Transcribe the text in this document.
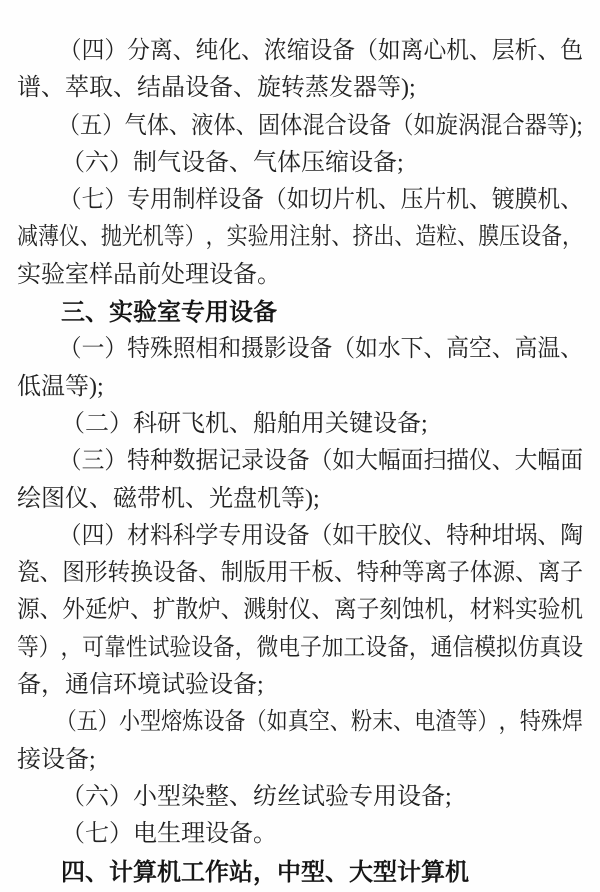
（ 四 ） 分 离 、 纯 化 、 浓 缩 设 备 （ 如 离 心 机 、 层 析 、 色
谱、萃取、结晶设备、旋转蒸发器等);
（ 五 ） 气 体 、 液 体 、 固 体 混 合 设 备 （ 如 旋 涡 混 合 器 等 ) ;
（六）制气设备、气体压缩设备;
（ 七 ） 专 用 制 样 设 备 （ 如 切 片 机 、 压 片 机 、 镀 膜 机 、
减 薄 仪 、 抛 光 机 等 ） ， 实 验 用 注 射 、 挤 出 、 造 粒 、 膜 压 设 备 ，
实验室样品前处理设备。
三、实验室专用设备
（ 一 ） 特 殊 照 相 和 摄 影 设 备 （ 如 水 下 、 高 空 、 高 温 、
低温等);
（二）科研飞机、船舶用关键设备;
（ 三 ） 特 种 数 据 记 录 设 备 （ 如 大 幅 面 扫 描 仪 、 大 幅 面
绘图仪、磁带机、光盘机等);
（ 四 ） 材 料 科 学 专 用 设 备 （ 如 干 胶 仪 、 特 种 坩 埚 、 陶
瓷 、 图 形 转 换 设 备 、 制 版 用 干 板 、 特 种 等 离 子 体 源 、 离 子
源 、 外 延 炉 、 扩 散 炉 、 溅 射 仪 、 离 子 刻 蚀 机 ， 材 料 实 验 机
等 ） ， 可 靠 性 试 验 设 备 ， 微 电 子 加 工 设 备 ， 通 信 模 拟 仿 真 设
备，通信环境试验设备;
（ 五 ） 小 型 熔 炼 设 备 （ 如 真 空 、 粉 末 、 电 渣 等 ） ， 特 殊 焊
接设备;
（六）小型染整、纺丝试验专用设备;
（七）电生理设备。
四、计算机工作站，中型、大型计算机
